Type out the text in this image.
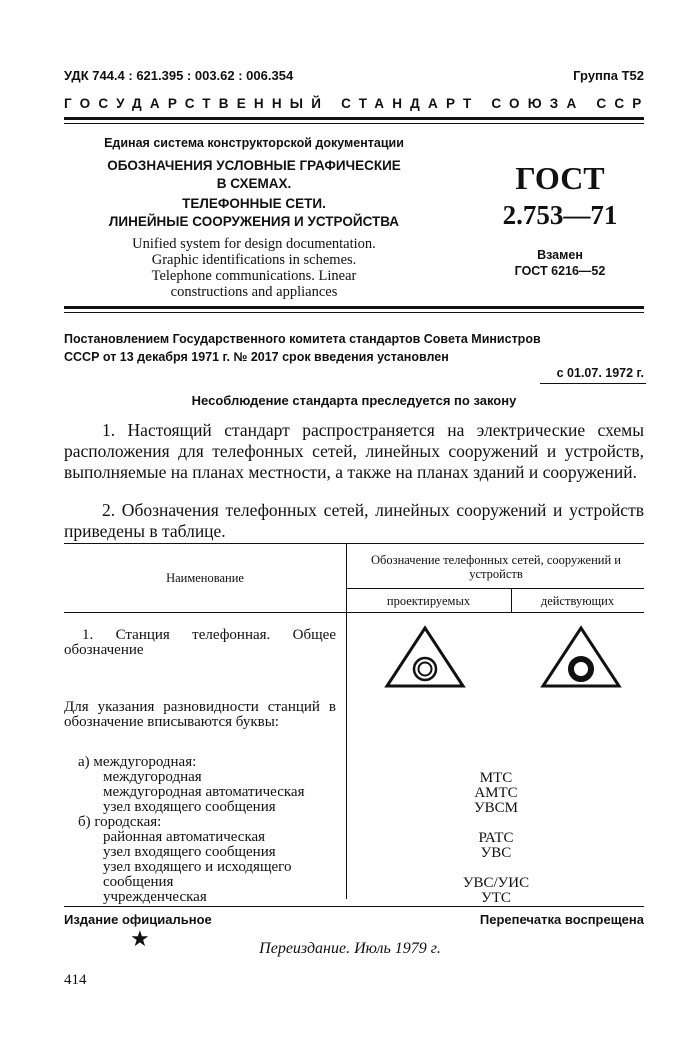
УДК 744.4 : 621.395 : 003.62 : 006.354	Группа Т52
ГОСУДАРСТВЕННЫЙ СТАНДАРТ СОЮЗА ССР
Единая система конструкторской документации
ОБОЗНАЧЕНИЯ УСЛОВНЫЕ ГРАФИЧЕСКИЕ
В СХЕМАХ.
ТЕЛЕФОННЫЕ СЕТИ.
ЛИНЕЙНЫЕ СООРУЖЕНИЯ И УСТРОЙСТВА
Unified system for design documentation.
Graphic identifications in schemes.
Telephone communications. Linear
constructions and appliances
ГОСТ
2.753—71
Взамен
ГОСТ 6216—52
Постановлением Государственного комитета стандартов Совета Министров
СССР от 13 декабря 1971 г. № 2017 срок введения установлен
с 01.07. 1972 г.
Несоблюдение стандарта преследуется по закону
1. Настоящий стандарт распространяется на электрические схемы расположения для телефонных сетей, линейных сооружений и устройств, выполняемые на планах местности, а также на планах зданий и сооружений.
2. Обозначения телефонных сетей, линейных сооружений и устройств приведены в таблице.
Наименование
Обозначение телефонных сетей, сооружений и устройств
проектируемых	действующих
1. Станция телефонная. Общее обозначение
Для указания разновидности станций в обозначение вписываются буквы:
а) междугородная:
междугородная	МТС
междугородная автоматическая	АМТС
узел входящего сообщения	УВСМ
б) городская:
районная автоматическая	РАТС
узел входящего сообщения	УВС
узел входящего и исходящего
сообщения	УВС/УИС
учрежденческая	УТС
Издание официальное	Перепечатка воспрещена
★	Переиздание. Июль 1979 г.
414
